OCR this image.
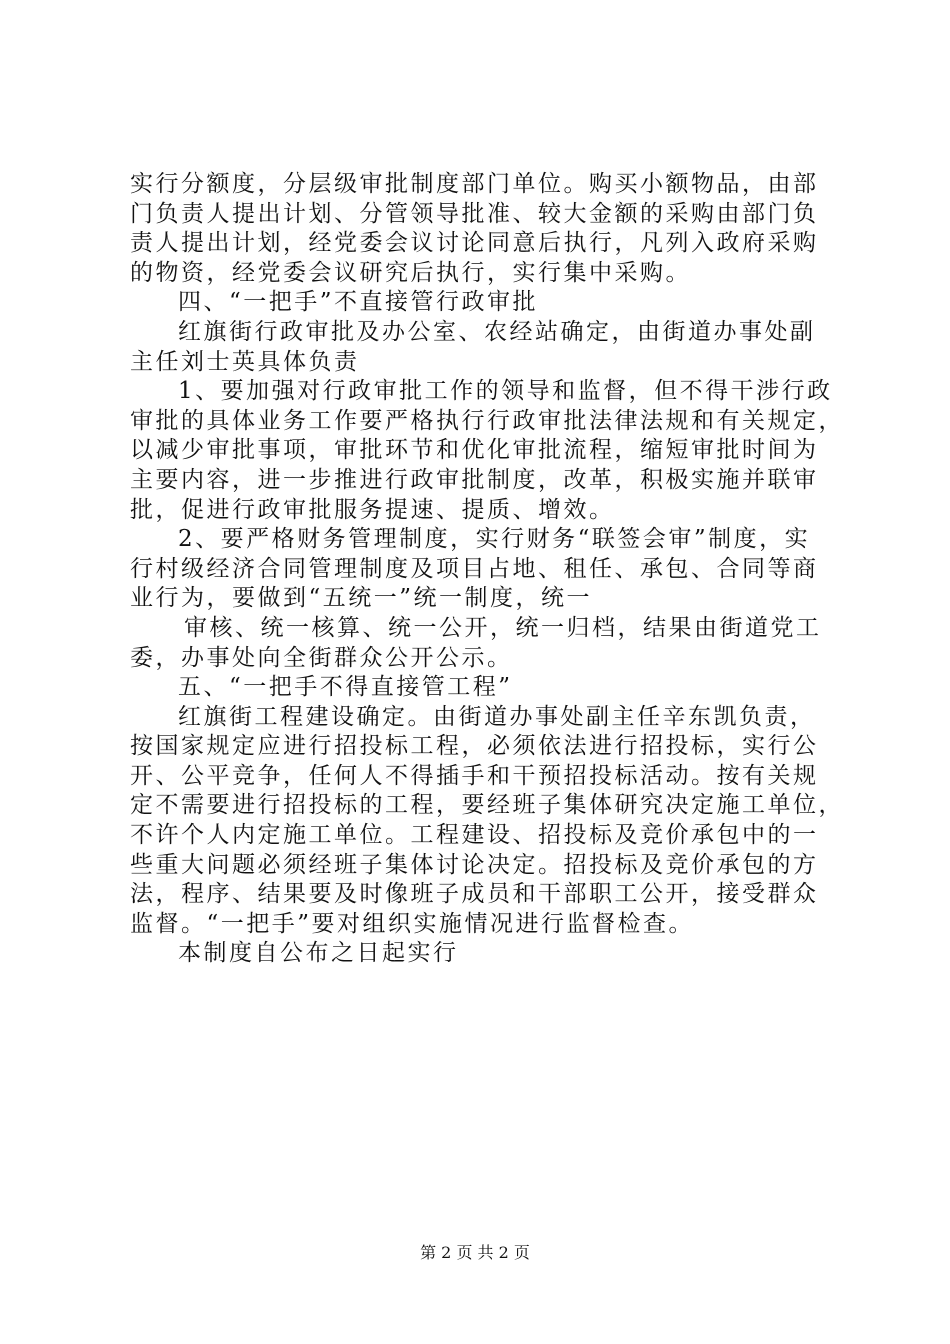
实行分额度，分层级审批制度部门单位。购买小额物品，由部
门负责人提出计划、分管领导批准、较大金额的采购由部门负
责人提出计划，经党委会议讨论同意后执行，凡列入政府采购
的物资，经党委会议研究后执行，实行集中采购。
四、“一把手”不直接管行政审批
红旗街行政审批及办公室、农经站确定，由街道办事处副
主任刘士英具体负责
1、要加强对行政审批工作的领导和监督，但不得干涉行政
审批的具体业务工作要严格执行行政审批法律法规和有关规定，
以减少审批事项，审批环节和优化审批流程，缩短审批时间为
主要内容，进一步推进行政审批制度，改革，积极实施并联审
批，促进行政审批服务提速、提质、增效。
2、要严格财务管理制度，实行财务“联签会审”制度，实
行村级经济合同管理制度及项目占地、租任、承包、合同等商
业行为，要做到“五统一”统一制度，统一
审核、统一核算、统一公开，统一归档，结果由街道党工
委，办事处向全街群众公开公示。
五、“一把手不得直接管工程”
红旗街工程建设确定。由街道办事处副主任辛东凯负责，
按国家规定应进行招投标工程，必须依法进行招投标，实行公
开、公平竞争，任何人不得插手和干预招投标活动。按有关规
定不需要进行招投标的工程，要经班子集体研究决定施工单位，
不许个人内定施工单位。工程建设、招投标及竞价承包中的一
些重大问题必须经班子集体讨论决定。招投标及竞价承包的方
法，程序、结果要及时像班子成员和干部职工公开，接受群众
监督。“一把手”要对组织实施情况进行监督检查。
本制度自公布之日起实行
第 2 页 共 2 页
